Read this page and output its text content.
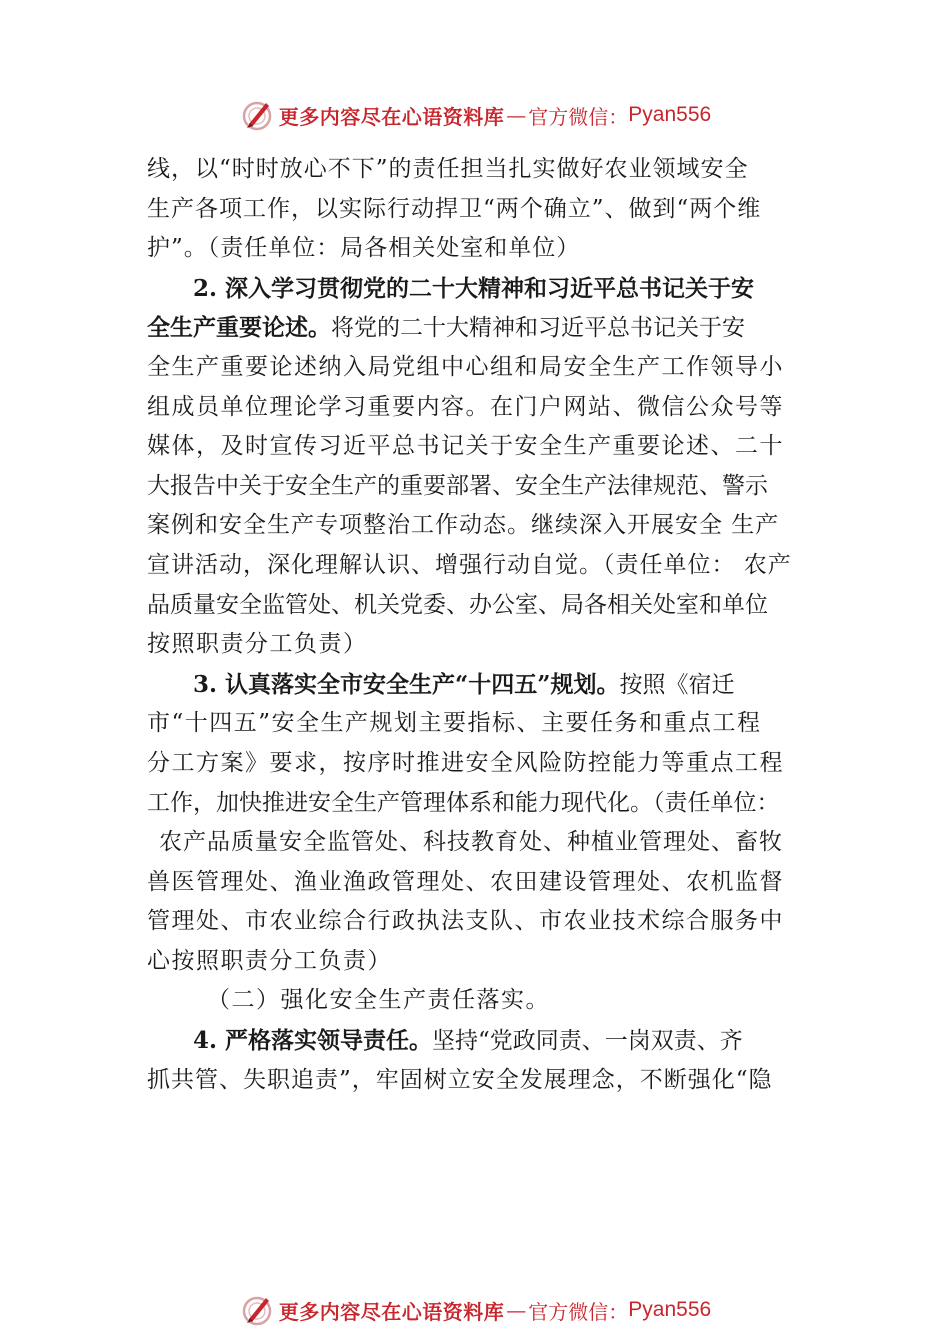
更多内容尽在心语资料库 — 官方微信： Pyan556
线，以“时时放心不下”的责任担当扎实做好农业领域安全
生产各项工作，以实际行动捍卫“两个确立”、做到“两个维
护”。（责任单位：局各相关处室和单位）
2. 深入学习贯彻党的二十大精神和习近平总书记关于安
全生产重要论述。将党的二十大精神和习近平总书记关于安
全生产重要论述纳入局党组中心组和局安全生产工作领导小
组成员单位理论学习重要内容。在门户网站、微信公众号等
媒体，及时宣传习近平总书记关于安全生产重要论述、二十
大报告中关于安全生产的重要部署、安全生产法律规范、警示
案例和安全生产专项整治工作动态。继续深入开展安全 生产
宣讲活动，深化理解认识、增强行动自觉。（责任单位： 农产
品质量安全监管处、机关党委、办公室、局各相关处室和单位
按照职责分工负责）
3. 认真落实全市安全生产“十四五”规划。按照《宿迁
市“十四五”安全生产规划主要指标、主要任务和重点工程
分工方案》要求，按序时推进安全风险防控能力等重点工程
工作，加快推进安全生产管理体系和能力现代化。（责任单位：
农产品质量安全监管处、科技教育处、种植业管理处、畜牧
兽医管理处、渔业渔政管理处、农田建设管理处、农机监督
管理处、市农业综合行政执法支队、市农业技术综合服务中
心按照职责分工负责）
（二）强化安全生产责任落实。
4. 严格落实领导责任。坚持“党政同责、一岗双责、齐
抓共管、失职追责”，牢固树立安全发展理念，不断强化“隐
更多内容尽在心语资料库 — 官方微信： Pyan556
